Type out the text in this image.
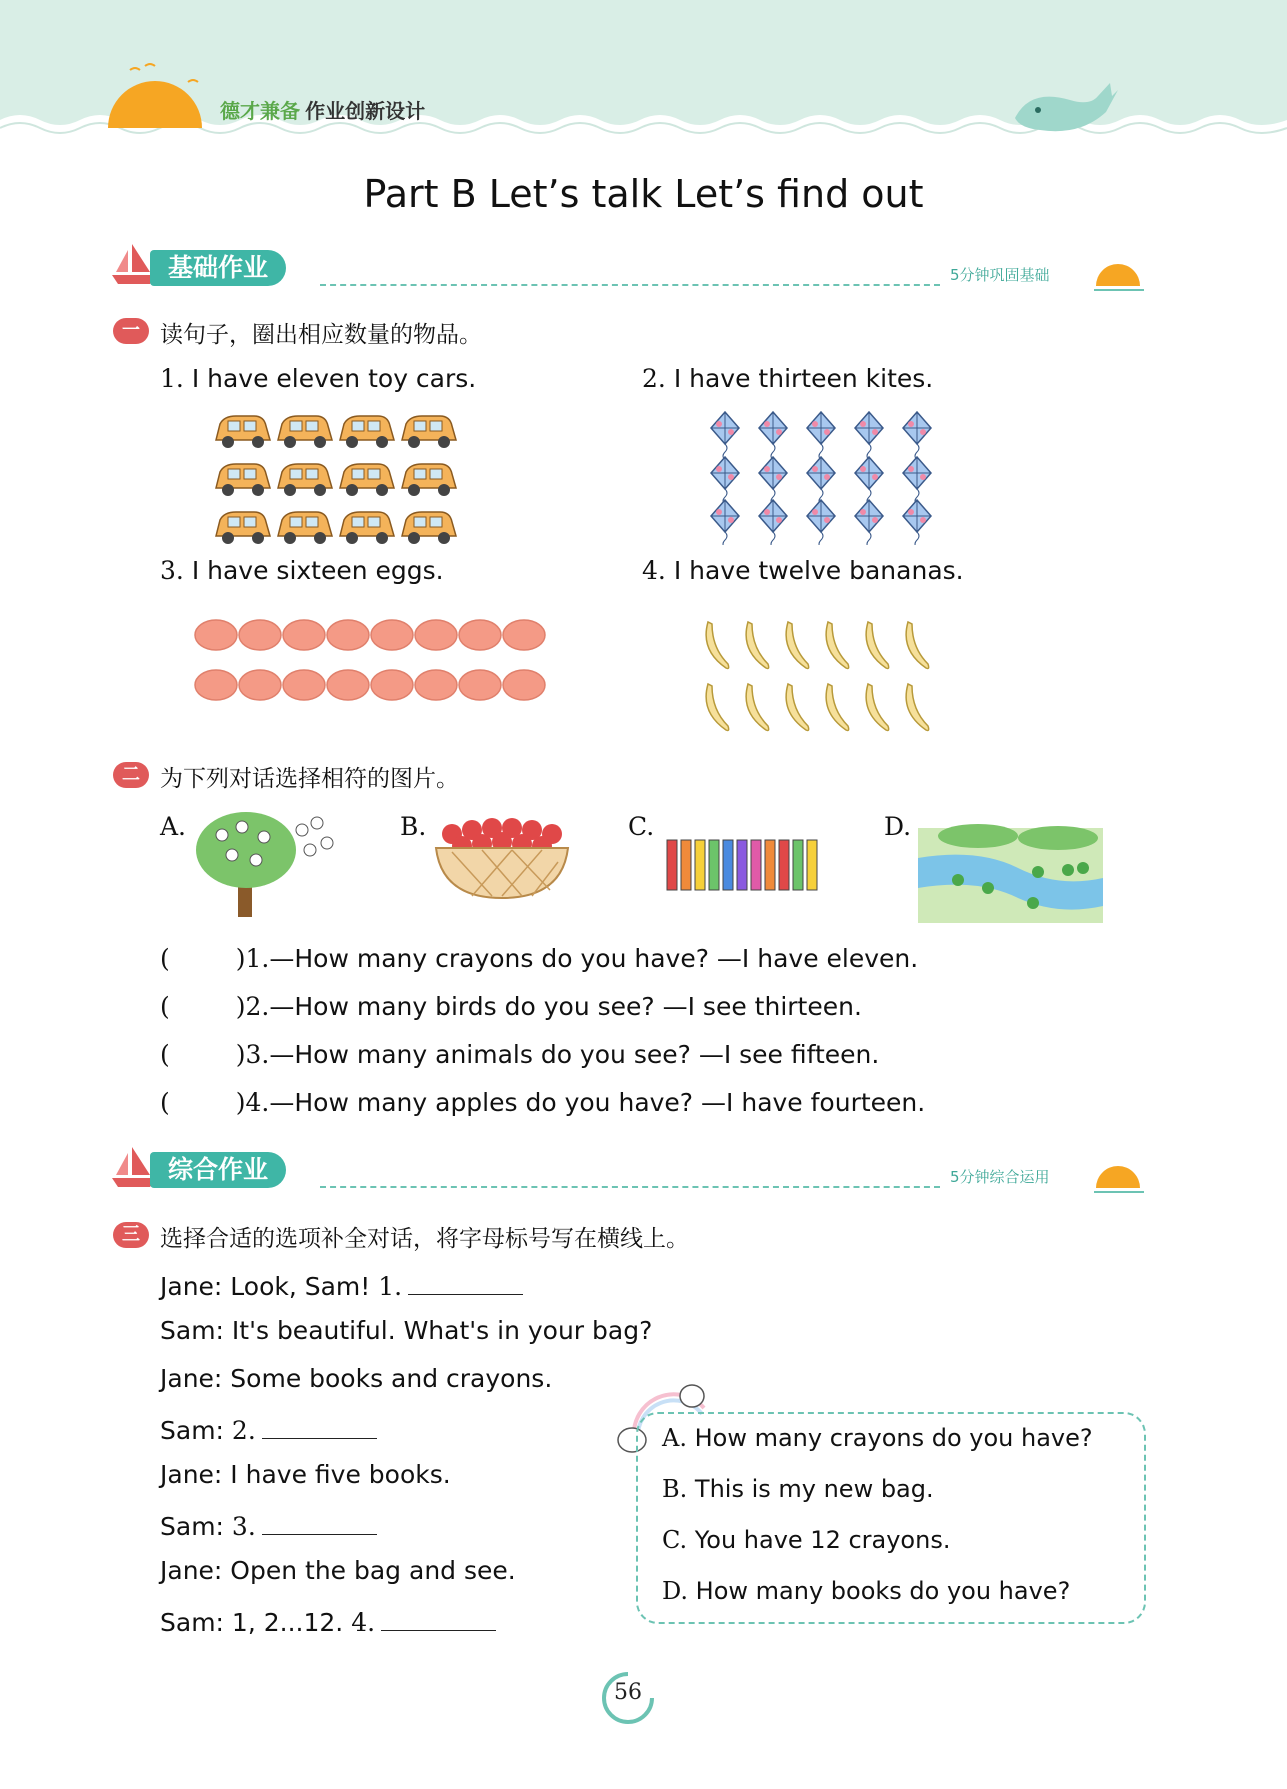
德才兼备 作业创新设计
Part B Let’s talk Let’s find out
基础作业	5分钟巩固基础
一 读句子，圈出相应数量的物品。
1. I have eleven toy cars.	2. I have thirteen kites.
3. I have sixteen eggs.	4. I have twelve bananas.
二 为下列对话选择相符的图片。
A.	B.	C.	D.
(	)1.—How many crayons do you have? —I have eleven.
(	)2.—How many birds do you see? —I see thirteen.
(	)3.—How many animals do you see? —I see fifteen.
(	)4.—How many apples do you have? —I have fourteen.
综合作业	5分钟综合运用
三 选择合适的选项补全对话，将字母标号写在横线上。
Jane: Look, Sam! 1.
Sam: It's beautiful. What's in your bag?
Jane: Some books and crayons.
Sam: 2.
Jane: I have five books.
Sam: 3.
Jane: Open the bag and see.
Sam: 1, 2...12. 4.
A. How many crayons do you have?
B. This is my new bag.
C. You have 12 crayons.
D. How many books do you have?
56
